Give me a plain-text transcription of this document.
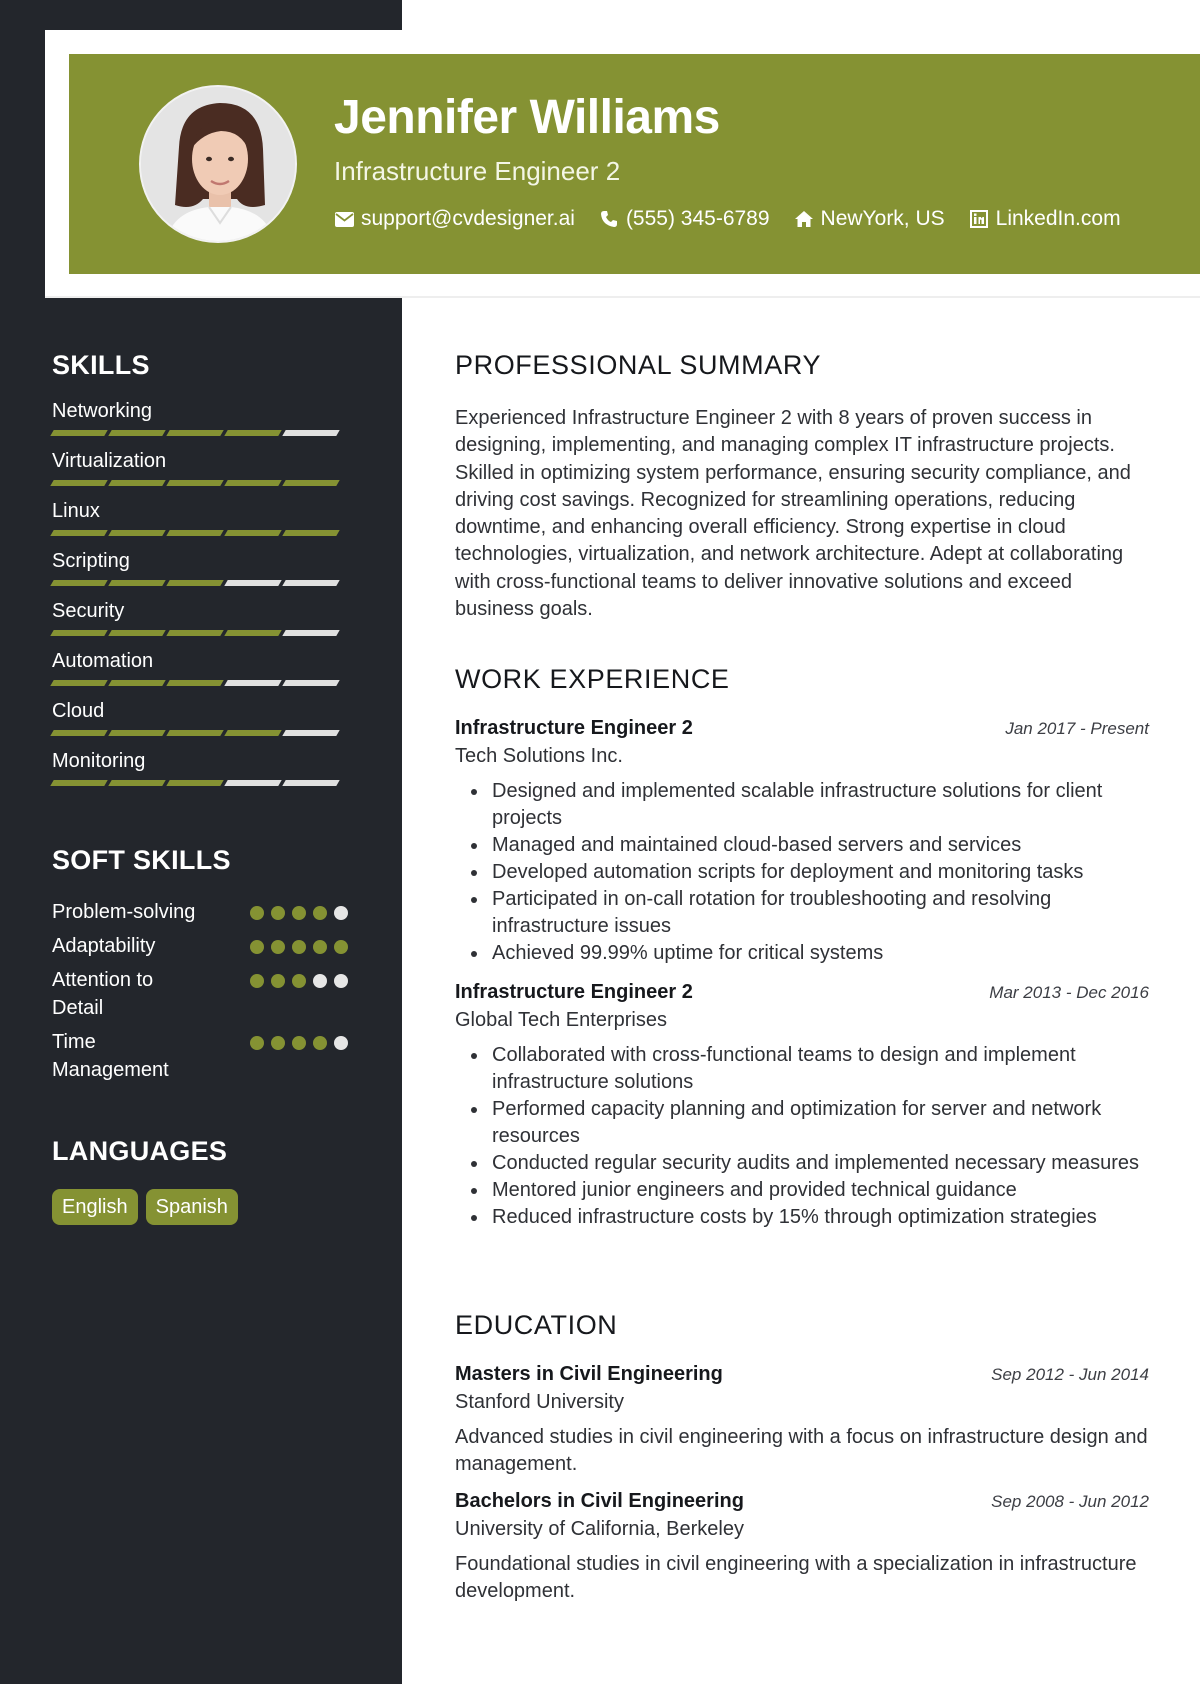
Jennifer Williams
Infrastructure Engineer 2
support@cvdesigner.ai (555) 345-6789 NewYork, US LinkedIn.com
SKILLS
Networking
Virtualization
Linux
Scripting
Security
Automation
Cloud
Monitoring
SOFT SKILLS
Problem-solving
Adaptability
Attention to Detail
Time Management
LANGUAGES
English	Spanish
PROFESSIONAL SUMMARY

Experienced Infrastructure Engineer 2 with 8 years of proven success in designing, implementing, and managing complex IT infrastructure projects. Skilled in optimizing system performance, ensuring security compliance, and driving cost savings. Recognized for streamlining operations, reducing downtime, and enhancing overall efficiency. Strong expertise in cloud technologies, virtualization, and network architecture. Adept at collaborating with cross-functional teams to deliver innovative solutions and exceed business goals.

WORK EXPERIENCE
Infrastructure Engineer 2	Jan 2017 - Present
Tech Solutions Inc.
Designed and implemented scalable infrastructure solutions for client projects
Managed and maintained cloud-based servers and services
Developed automation scripts for deployment and monitoring tasks
Participated in on-call rotation for troubleshooting and resolving infrastructure issues
Achieved 99.99% uptime for critical systems
Infrastructure Engineer 2	Mar 2013 - Dec 2016
Global Tech Enterprises
Collaborated with cross-functional teams to design and implement infrastructure solutions
Performed capacity planning and optimization for server and network resources
Conducted regular security audits and implemented necessary measures
Mentored junior engineers and provided technical guidance
Reduced infrastructure costs by 15% through optimization strategies
EDUCATION
Masters in Civil Engineering	Sep 2012 - Jun 2014
Stanford University

Advanced studies in civil engineering with a focus on infrastructure design and management.

Bachelors in Civil Engineering	Sep 2008 - Jun 2012
University of California, Berkeley

Foundational studies in civil engineering with a specialization in infrastructure development.
